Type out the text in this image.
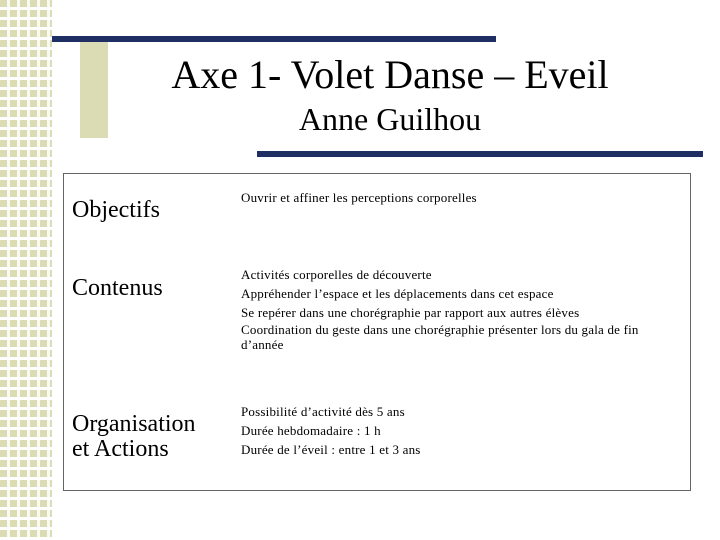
Axe 1- Volet Danse – Eveil
Anne Guilhou
Objectifs	Ouvrir et affiner les perceptions corporelles
Contenus
Activités corporelles de découverte
Appréhender l’espace et les déplacements dans cet espace
Se repérer dans une chorégraphie par rapport aux autres élèves
Coordination du geste dans une chorégraphie présenter lors du gala de fin d’année
Organisation
et Actions
Possibilité d’activité dès 5 ans
Durée hebdomadaire : 1 h
Durée de l’éveil : entre 1 et 3 ans
